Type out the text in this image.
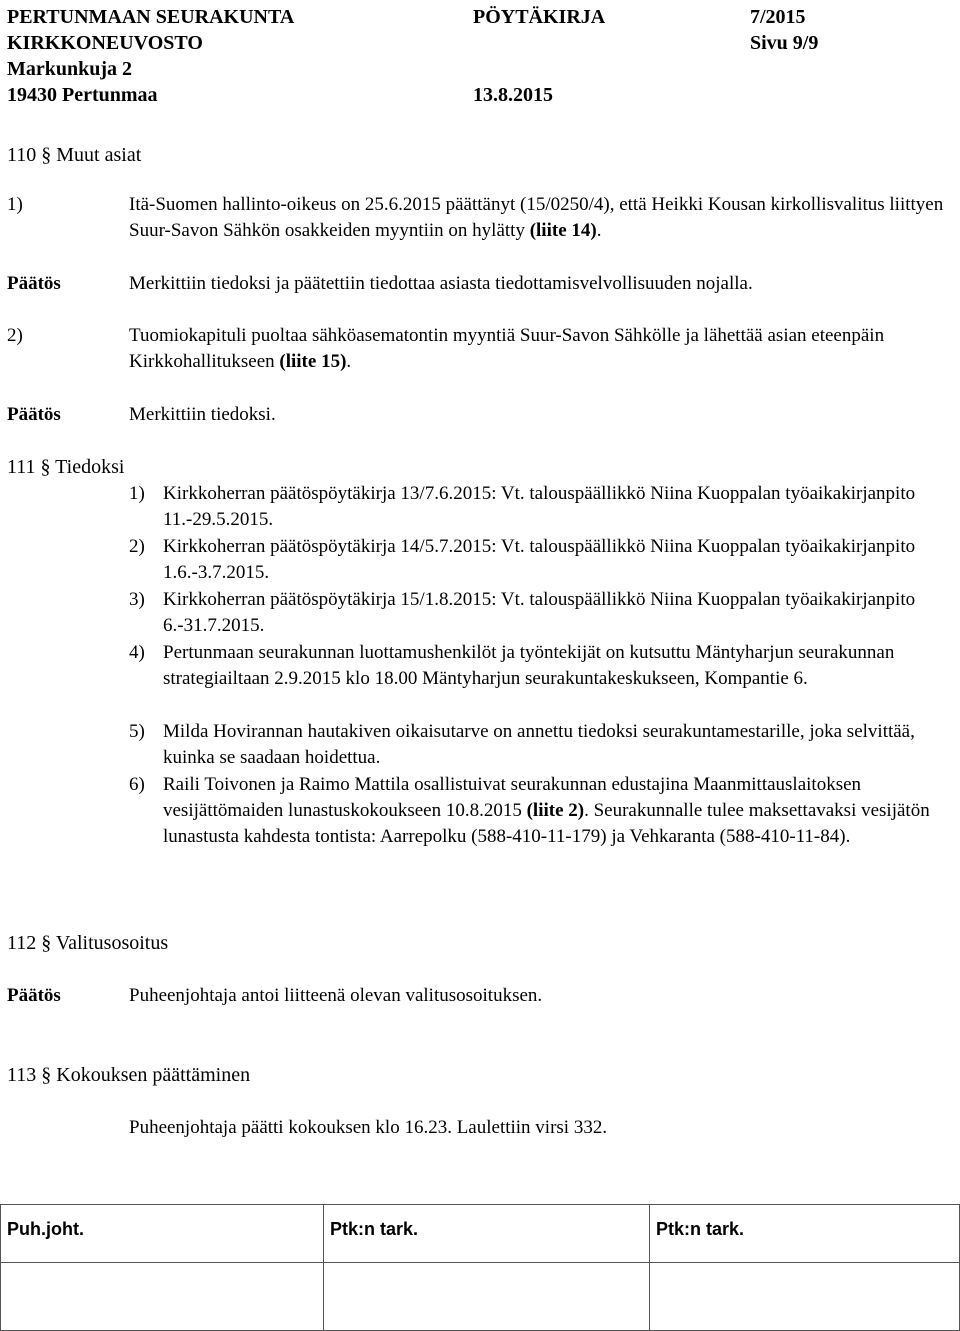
PERTUNMAAN SEURAKUNTA	PÖYTÄKIRJA	7/2015
KIRKKONEUVOSTO	Sivu 9/9
Markunkuja 2
19430 Pertunmaa	13.8.2015
110 § Muut asiat
1)	Itä-Suomen hallinto-oikeus on 25.6.2015 päättänyt (15/0250/4), että Heikki Kousan kirkollisvalitus liittyen Suur-Savon Sähkön osakkeiden myyntiin on hylätty (liite 14).
Päätös	Merkittiin tiedoksi ja päätettiin tiedottaa asiasta tiedottamisvelvollisuuden nojalla.
2)	Tuomiokapituli puoltaa sähköasematontin myyntiä Suur-Savon Sähkölle ja lähettää asian eteenpäin Kirkkohallitukseen (liite 15).
Päätös	Merkittiin tiedoksi.
111 § Tiedoksi
1) Kirkkoherran päätöspöytäkirja 13/7.6.2015: Vt. talouspäällikkö Niina Kuoppalan työaikakirjanpito 11.-29.5.2015.
2) Kirkkoherran päätöspöytäkirja 14/5.7.2015: Vt. talouspäällikkö Niina Kuoppalan työaikakirjanpito 1.6.-3.7.2015.
3) Kirkkoherran päätöspöytäkirja 15/1.8.2015: Vt. talouspäällikkö Niina Kuoppalan työaikakirjanpito 6.-31.7.2015.
4) Pertunmaan seurakunnan luottamushenkilöt ja työntekijät on kutsuttu Mäntyharjun seurakunnan strategiailtaan 2.9.2015 klo 18.00 Mäntyharjun seurakuntakeskukseen, Kompantie 6.
5) Milda Hovirannan hautakiven oikaisutarve on annettu tiedoksi seurakuntamestarille, joka selvittää, kuinka se saadaan hoidettua.
6) Raili Toivonen ja Raimo Mattila osallistuivat seurakunnan edustajina Maanmittauslaitoksen vesijättömaiden lunastuskokoukseen 10.8.2015 (liite 2). Seurakunnalle tulee maksettavaksi vesijätön lunastusta kahdesta tontista: Aarrepolku (588-410-11-179) ja Vehkaranta (588-410-11-84).
112 § Valitusosoitus
Päätös	Puheenjohtaja antoi liitteenä olevan valitusosoituksen.
113 § Kokouksen päättäminen
Puheenjohtaja päätti kokouksen klo 16.23. Laulettiin virsi 332.
Puh.joht.	Ptk:n tark.	Ptk:n tark.
